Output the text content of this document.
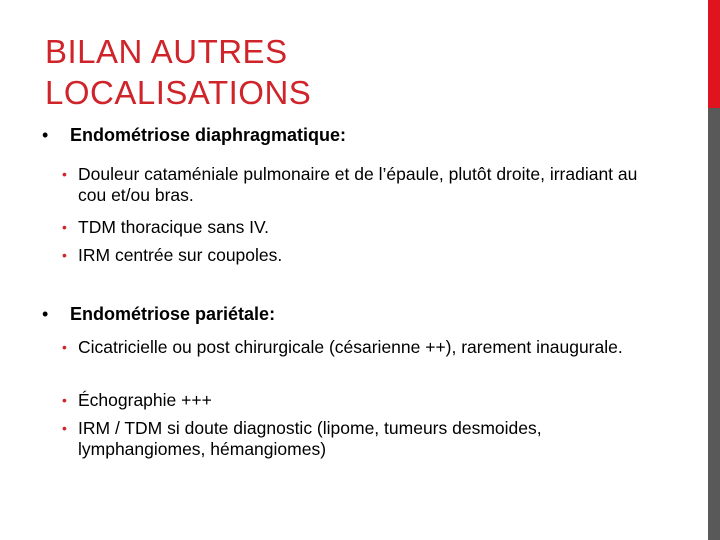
BILAN AUTRES
LOCALISATIONS
• Endométriose diaphragmatique:
• Douleur cataméniale pulmonaire et de l’épaule, plutôt droite, irradiant au cou et/ou bras.
• TDM thoracique sans IV.
• IRM centrée sur coupoles.
• Endométriose pariétale:
• Cicatricielle ou post chirurgicale (césarienne ++), rarement inaugurale.
• Échographie +++
• IRM / TDM si doute diagnostic (lipome, tumeurs desmoides, lymphangiomes, hémangiomes)
